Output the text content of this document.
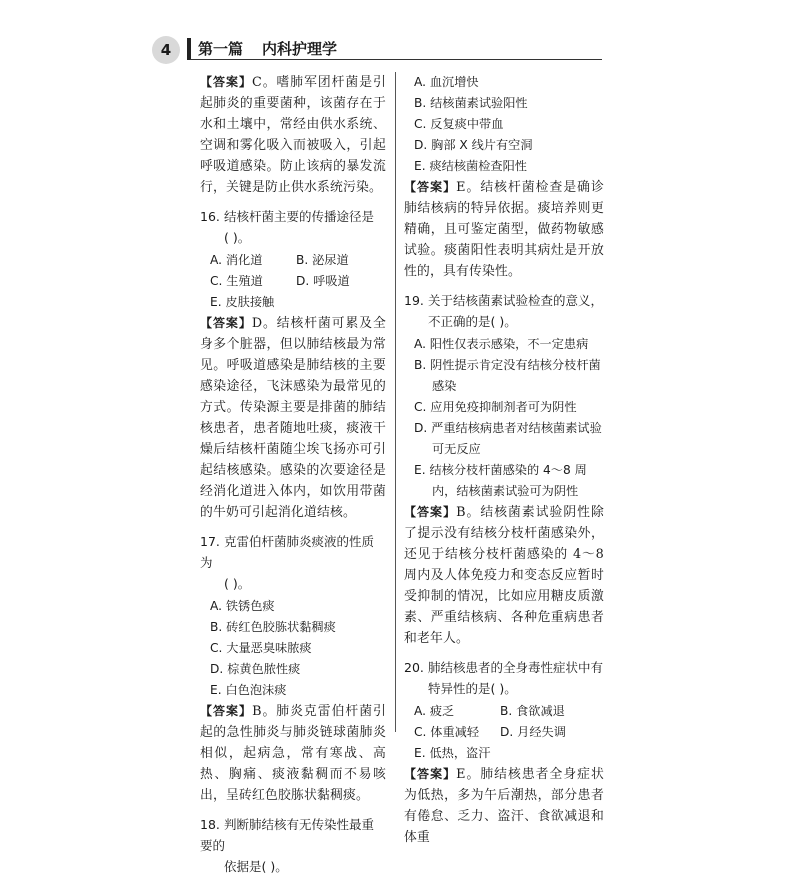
4	第一篇 内科护理学

【答案】C。嗜肺军团杆菌是引起肺炎的重要菌种，该菌存在于水和土壤中，常经由供水系统、空调和雾化吸入而被吸入，引起呼吸道感染。防止该病的暴发流行，关键是防止供水系统污染。

16. 结核杆菌主要的传播途径是
( )。
A. 消化道	B. 泌尿道
C. 生殖道	D. 呼吸道
E. 皮肤接触

【答案】D。结核杆菌可累及全身多个脏器，但以肺结核最为常见。呼吸道感染是肺结核的主要感染途径，飞沫感染为最常见的方式。传染源主要是排菌的肺结核患者，患者随地吐痰，痰液干燥后结核杆菌随尘埃飞扬亦可引起结核感染。感染的次要途径是经消化道进入体内，如饮用带菌的牛奶可引起消化道结核。

17. 克雷伯杆菌肺炎痰液的性质为
( )。
A. 铁锈色痰
B. 砖红色胶胨状黏稠痰
C. 大量恶臭味脓痰
D. 棕黄色脓性痰
E. 白色泡沫痰

【答案】B。肺炎克雷伯杆菌引起的急性肺炎与肺炎链球菌肺炎相似，起病急，常有寒战、高热、胸痛、痰液黏稠而不易咳出，呈砖红色胶胨状黏稠痰。

18. 判断肺结核有无传染性最重要的
依据是( )。
A. 血沉增快
B. 结核菌素试验阳性
C. 反复痰中带血
D. 胸部 X 线片有空洞
E. 痰结核菌检查阳性

【答案】E。结核杆菌检查是确诊肺结核病的特异依据。痰培养则更精确，且可鉴定菌型，做药物敏感试验。痰菌阳性表明其病灶是开放性的，具有传染性。

19. 关于结核菌素试验检查的意义，
不正确的是( )。
A. 阳性仅表示感染，不一定患病
B. 阴性提示肯定没有结核分枝杆菌感染
C. 应用免疫抑制剂者可为阴性
D. 严重结核病患者对结核菌素试验可无反应
E. 结核分枝杆菌感染的 4～8 周内，结核菌素试验可为阴性

【答案】B。结核菌素试验阴性除了提示没有结核分枝杆菌感染外，还见于结核分枝杆菌感染的 4～8 周内及人体免疫力和变态反应暂时受抑制的情况，比如应用糖皮质激素、严重结核病、各种危重病患者和老年人。

20. 肺结核患者的全身毒性症状中有
特异性的是( )。
A. 疲乏	B. 食欲减退
C. 体重减轻	D. 月经失调
E. 低热，盗汗

【答案】E。肺结核患者全身症状为低热，多为午后潮热，部分患者有倦怠、乏力、盗汗、食欲减退和体重
